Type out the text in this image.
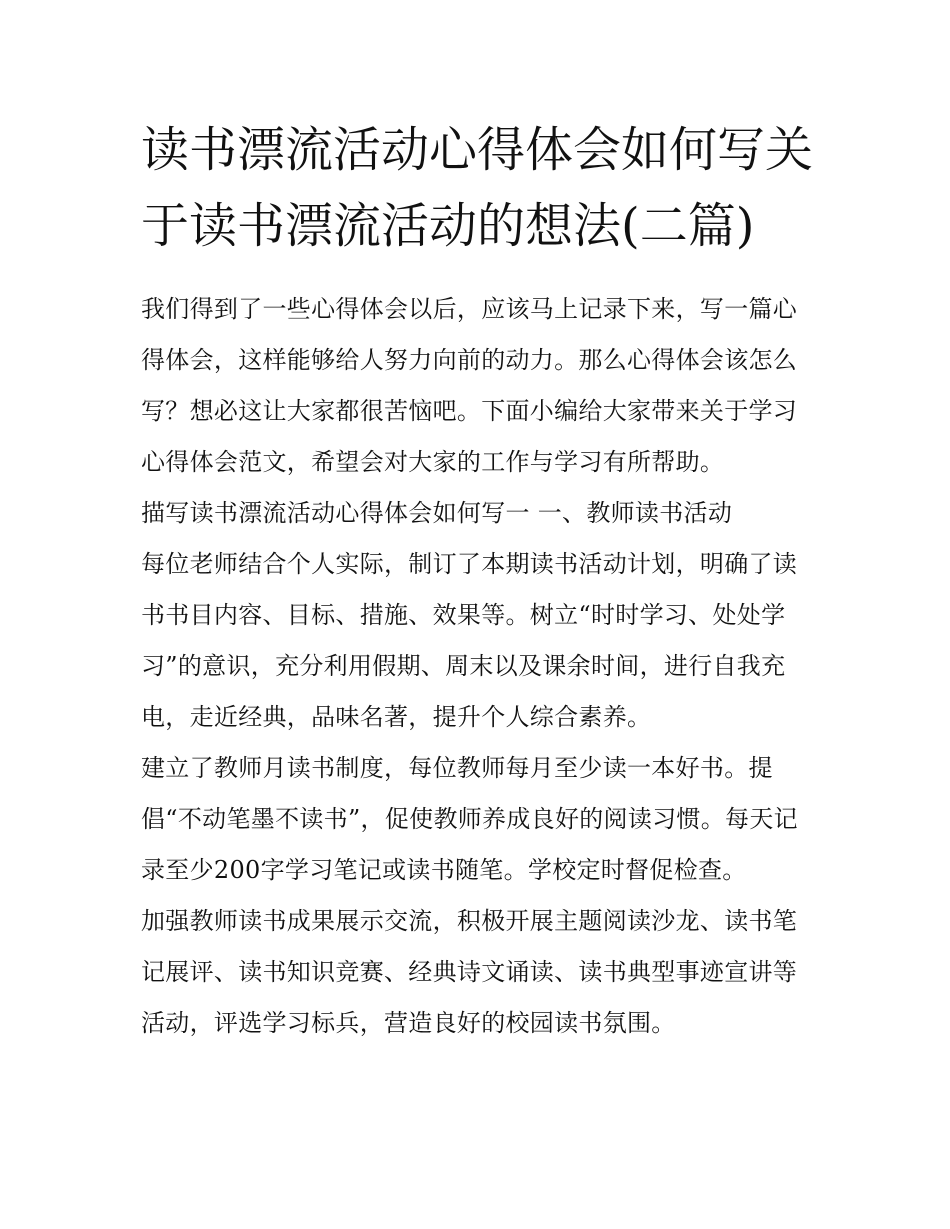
读书漂流活动心得体会如何写关于读书漂流活动的想法(二篇)

我们得到了一些心得体会以后，应该马上记录下来，写一篇心得体会，这样能够给人努力向前的动力。那么心得体会该怎么写？想必这让大家都很苦恼吧。下面小编给大家带来关于学习心得体会范文，希望会对大家的工作与学习有所帮助。

描写读书漂流活动心得体会如何写一 一、教师读书活动

每位老师结合个人实际，制订了本期读书活动计划，明确了读书书目内容、目标、措施、效果等。树立“时时学习、处处学习”的意识，充分利用假期、周末以及课余时间，进行自我充电，走近经典，品味名著，提升个人综合素养。

建立了教师月读书制度，每位教师每月至少读一本好书。提倡“不动笔墨不读书”，促使教师养成良好的阅读习惯。每天记录至少200字学习笔记或读书随笔。学校定时督促检查。

加强教师读书成果展示交流，积极开展主题阅读沙龙、读书笔记展评、读书知识竞赛、经典诗文诵读、读书典型事迹宣讲等活动，评选学习标兵，营造良好的校园读书氛围。
